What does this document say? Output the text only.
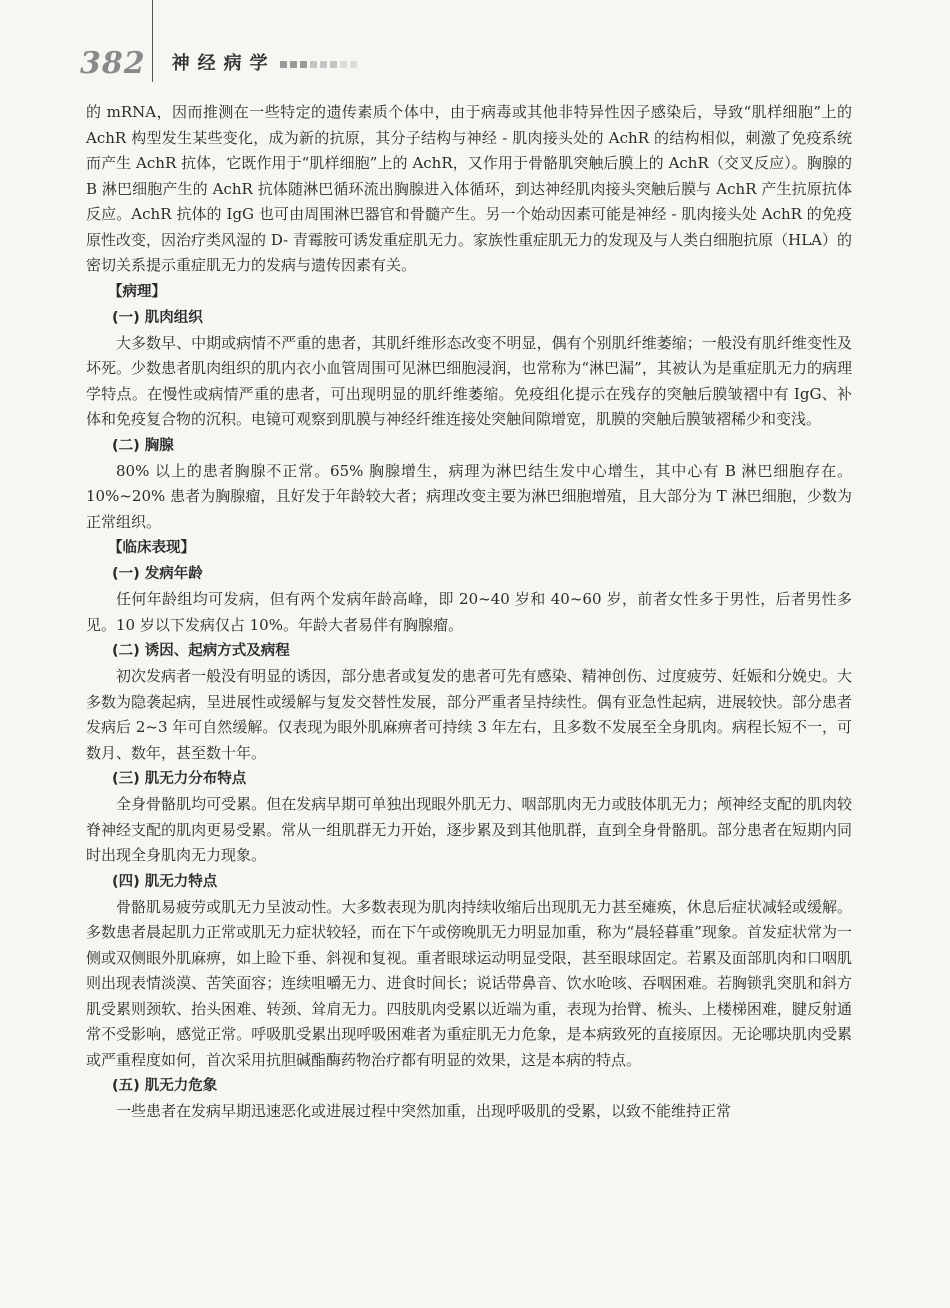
382 神经病学

的 mRNA，因而推测在一些特定的遗传素质个体中，由于病毒或其他非特异性因子感染后，导致“肌样细胞”上的 AchR 构型发生某些变化，成为新的抗原，其分子结构与神经 - 肌肉接头处的 AchR 的结构相似，刺激了免疫系统而产生 AchR 抗体，它既作用于“肌样细胞”上的 AchR，又作用于骨骼肌突触后膜上的 AchR（交叉反应）。胸腺的 B 淋巴细胞产生的 AchR 抗体随淋巴循环流出胸腺进入体循环，到达神经肌肉接头突触后膜与 AchR 产生抗原抗体反应。AchR 抗体的 IgG 也可由周围淋巴器官和骨髓产生。另一个始动因素可能是神经 - 肌肉接头处 AchR 的免疫原性改变，因治疗类风湿的 D- 青霉胺可诱发重症肌无力。家族性重症肌无力的发现及与人类白细胞抗原（HLA）的密切关系提示重症肌无力的发病与遗传因素有关。

【病理】
(一) 肌肉组织

大多数早、中期或病情不严重的患者，其肌纤维形态改变不明显，偶有个别肌纤维萎缩；一般没有肌纤维变性及坏死。少数患者肌肉组织的肌内衣小血管周围可见淋巴细胞浸润，也常称为“淋巴漏”，其被认为是重症肌无力的病理学特点。在慢性或病情严重的患者，可出现明显的肌纤维萎缩。免疫组化提示在残存的突触后膜皱褶中有 IgG、补体和免疫复合物的沉积。电镜可观察到肌膜与神经纤维连接处突触间隙增宽，肌膜的突触后膜皱褶稀少和变浅。

(二) 胸腺

80% 以上的患者胸腺不正常。65% 胸腺增生，病理为淋巴结生发中心增生，其中心有 B 淋巴细胞存在。10%~20% 患者为胸腺瘤，且好发于年龄较大者；病理改变主要为淋巴细胞增殖，且大部分为 T 淋巴细胞，少数为正常组织。

【临床表现】
(一) 发病年龄

任何年龄组均可发病，但有两个发病年龄高峰，即 20~40 岁和 40~60 岁，前者女性多于男性，后者男性多见。10 岁以下发病仅占 10%。年龄大者易伴有胸腺瘤。

(二) 诱因、起病方式及病程

初次发病者一般没有明显的诱因，部分患者或复发的患者可先有感染、精神创伤、过度疲劳、妊娠和分娩史。大多数为隐袭起病，呈进展性或缓解与复发交替性发展，部分严重者呈持续性。偶有亚急性起病，进展较快。部分患者发病后 2~3 年可自然缓解。仅表现为眼外肌麻痹者可持续 3 年左右，且多数不发展至全身肌肉。病程长短不一，可数月、数年，甚至数十年。

(三) 肌无力分布特点

全身骨骼肌均可受累。但在发病早期可单独出现眼外肌无力、咽部肌肉无力或肢体肌无力；颅神经支配的肌肉较脊神经支配的肌肉更易受累。常从一组肌群无力开始，逐步累及到其他肌群，直到全身骨骼肌。部分患者在短期内同时出现全身肌肉无力现象。

(四) 肌无力特点

骨骼肌易疲劳或肌无力呈波动性。大多数表现为肌肉持续收缩后出现肌无力甚至瘫痪，休息后症状减轻或缓解。多数患者晨起肌力正常或肌无力症状较轻，而在下午或傍晚肌无力明显加重，称为“晨轻暮重”现象。首发症状常为一侧或双侧眼外肌麻痹，如上睑下垂、斜视和复视。重者眼球运动明显受限，甚至眼球固定。若累及面部肌肉和口咽肌则出现表情淡漠、苦笑面容；连续咀嚼无力、进食时间长；说话带鼻音、饮水呛咳、吞咽困难。若胸锁乳突肌和斜方肌受累则颈软、抬头困难、转颈、耸肩无力。四肢肌肉受累以近端为重，表现为抬臂、梳头、上楼梯困难，腱反射通常不受影响，感觉正常。呼吸肌受累出现呼吸困难者为重症肌无力危象，是本病致死的直接原因。无论哪块肌肉受累或严重程度如何，首次采用抗胆碱酯酶药物治疗都有明显的效果，这是本病的特点。

(五) 肌无力危象

一些患者在发病早期迅速恶化或进展过程中突然加重，出现呼吸肌的受累，以致不能维持正常
